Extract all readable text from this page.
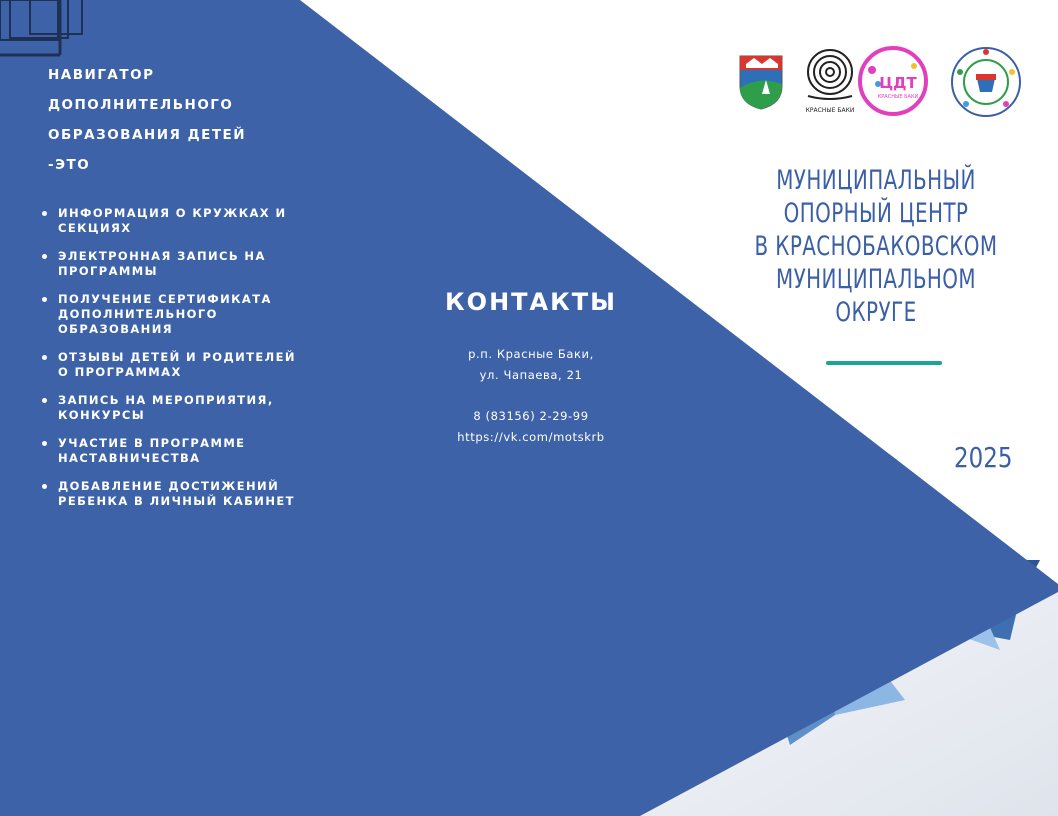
НАВИГАТОР

ДОПОЛНИТЕЛЬНОГО

ОБРАЗОВАНИЯ ДЕТЕЙ

-ЭТО

ИНФОРМАЦИЯ О КРУЖКАХ И СЕКЦИЯХ
ЭЛЕКТРОННАЯ ЗАПИСЬ НА ПРОГРАММЫ
ПОЛУЧЕНИЕ СЕРТИФИКАТА ДОПОЛНИТЕЛЬНОГО ОБРАЗОВАНИЯ
ОТЗЫВЫ ДЕТЕЙ И РОДИТЕЛЕЙ О ПРОГРАММАХ
ЗАПИСЬ НА МЕРОПРИЯТИЯ, КОНКУРСЫ
УЧАСТИЕ В ПРОГРАММЕ НАСТАВНИЧЕСТВА
ДОБАВЛЕНИЕ ДОСТИЖЕНИЙ РЕБЕНКА В ЛИЧНЫЙ КАБИНЕТ
КОНТАКТЫ
р.п. Красные Баки,
ул. Чапаева, 21
8 (83156) 2-29-99
https://vk.com/motskrb
КРАСНЫЕ БАКИ
ЦДТ
КРАСНЫЕ БАКИ
МУНИЦИПАЛЬНЫЙ
ОПОРНЫЙ ЦЕНТР
В КРАСНОБАКОВСКОМ
МУНИЦИПАЛЬНОМ
ОКРУГЕ
2025
